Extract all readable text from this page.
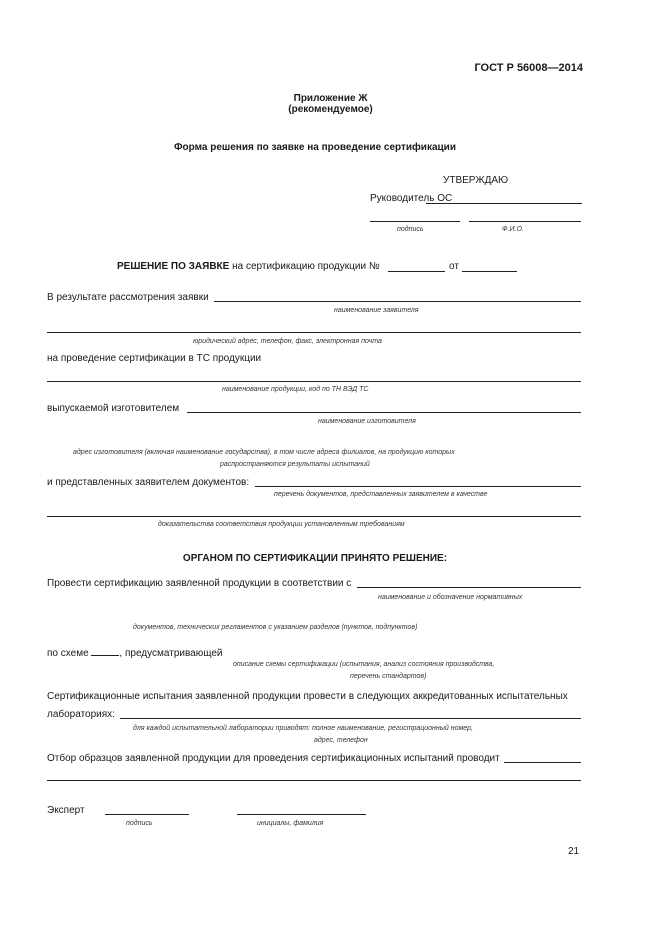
ГОСТ Р 56008—2014
Приложение Ж
(рекомендуемое)
Форма решения по заявке на проведение сертификации
УТВЕРЖДАЮ
Руководитель ОС
подпись	Ф.И.О.
РЕШЕНИЕ ПО ЗАЯВКЕ на сертификацию продукции №	от
В результате рассмотрения заявки
наименование заявителя
юридический адрес, телефон, факс, электронная почта
на проведение сертификации в ТС продукции
наименование продукции, код по ТН ВЭД ТС
выпускаемой изготовителем
наименование изготовителя
адрес изготовителя (включая наименование государства), в том числе адреса филиалов, на продукцию которых
распространяются результаты испытаний
и представленных заявителем документов:
перечень документов, представленных заявителем в качестве
доказательства соответствия продукции установленным требованиям
ОРГАНОМ ПО СЕРТИФИКАЦИИ ПРИНЯТО РЕШЕНИЕ:
Провести сертификацию заявленной продукции в соответствии с
наименование и обозначение нормативных
документов, технических регламентов с указанием разделов (пунктов, подпунктов)
по схеме	, предусматривающей
описание схемы сертификации (испытания, анализ состояния производства,
перечень стандартов)
Сертификационные испытания заявленной продукции провести в следующих аккредитованных испытательных
лабораториях:
для каждой испытательной лаборатории приводят: полное наименование, регистрационный номер,
адрес, телефон
Отбор образцов заявленной продукции для проведения сертификационных испытаний проводит
Эксперт
подпись	инициалы, фамилия
21
